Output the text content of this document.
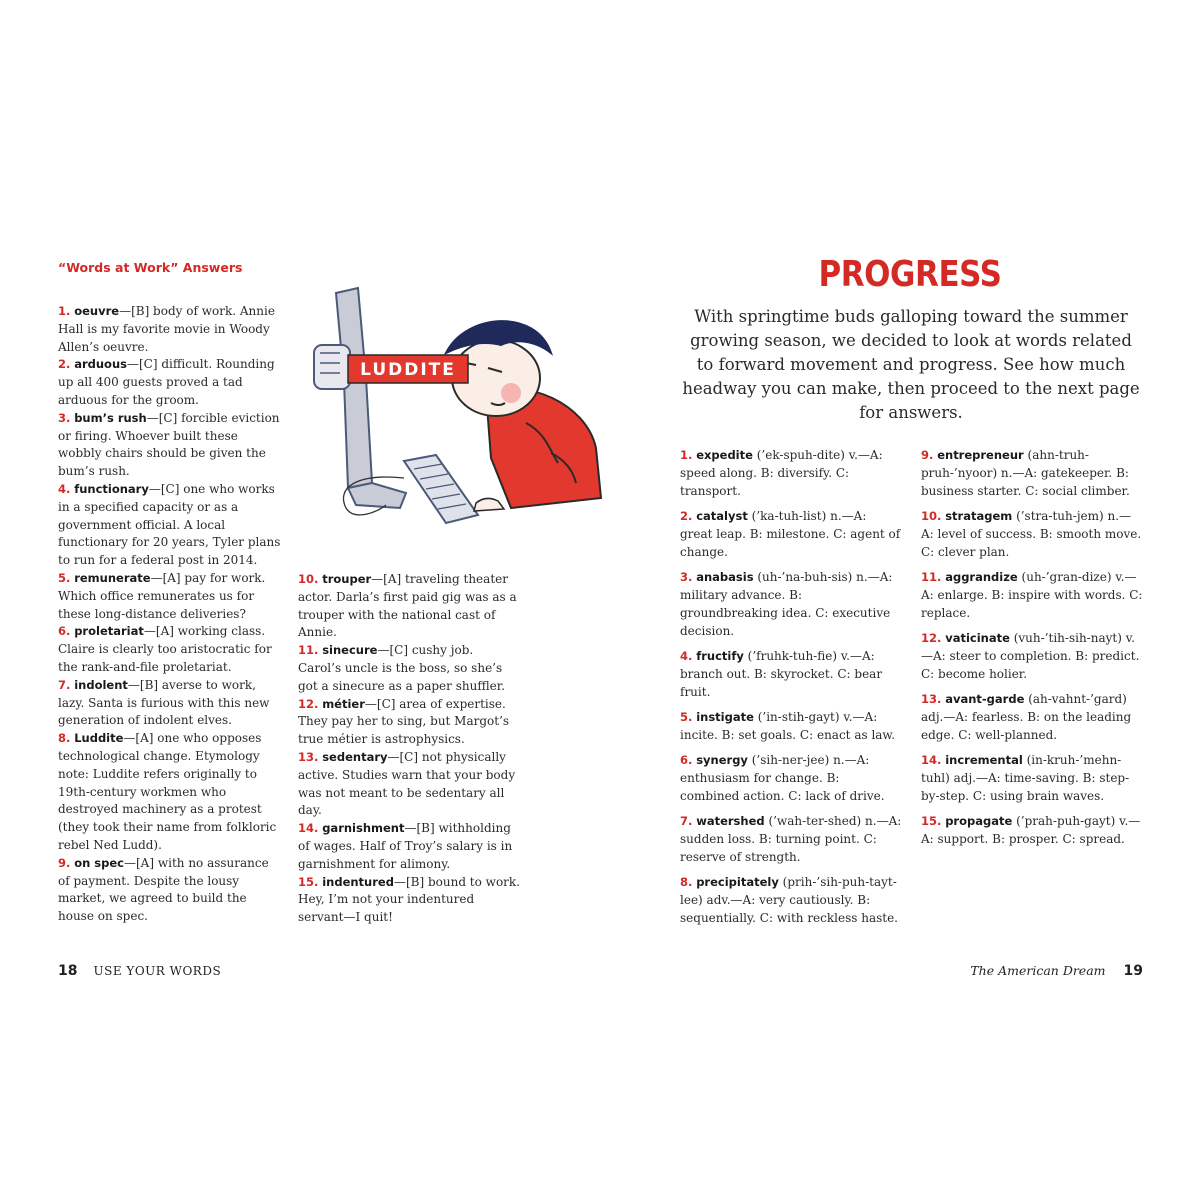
“Words at Work” Answers

1. oeuvre—[B] body of work. Annie Hall is my favorite movie in Woody Allen’s oeuvre.

2. arduous—[C] difficult. Rounding up all 400 guests proved a tad arduous for the groom.

3. bum’s rush—[C] forcible eviction or firing. Whoever built these wobbly chairs should be given the bum’s rush.

4. functionary—[C] one who works in a specified capacity or as a government official. A local functionary for 20 years, Tyler plans to run for a federal post in 2014.

5. remunerate—[A] pay for work. Which office remunerates us for these long-distance deliveries?

6. proletariat—[A] working class. Claire is clearly too aristocratic for the rank-and-file proletariat.

7. indolent—[B] averse to work, lazy. Santa is furious with this new generation of indolent elves.

8. Luddite—[A] one who opposes technological change. Etymology note: Luddite refers originally to 19th-century workmen who destroyed machinery as a protest (they took their name from folkloric rebel Ned Ludd).

9. on spec—[A] with no assurance of payment. Despite the lousy market, we agreed to build the house on spec.

10. trouper—[A] traveling theater actor. Darla’s first paid gig was as a trouper with the national cast of Annie.

11. sinecure—[C] cushy job. Carol’s uncle is the boss, so she’s got a sinecure as a paper shuffler.

12. métier—[C] area of expertise. They pay her to sing, but Margot’s true métier is astrophysics.

13. sedentary—[C] not physically active. Studies warn that your body was not meant to be sedentary all day.

14. garnishment—[B] withholding of wages. Half of Troy’s salary is in garnishment for alimony.

15. indentured—[B] bound to work. Hey, I’m not your indentured servant—I quit!

LUDDITE
18 USE YOUR WORDS
PROGRESS
With springtime buds galloping toward the summer growing season, we decided to look at words related to forward movement and progress. See how much headway you can make, then proceed to the next page for answers.

1. expedite (’ek-spuh-dite) v.—A: speed along. B: diversify. C: transport.

2. catalyst (’ka-tuh-list) n.—A: great leap. B: milestone. C: agent of change.

3. anabasis (uh-’na-buh-sis) n.—A: military advance. B: groundbreaking idea. C: executive decision.

4. fructify (’fruhk-tuh-fie) v.—A: branch out. B: skyrocket. C: bear fruit.

5. instigate (’in-stih-gayt) v.—A: incite. B: set goals. C: enact as law.

6. synergy (’sih-ner-jee) n.—A: enthusiasm for change. B: combined action. C: lack of drive.

7. watershed (’wah-ter-shed) n.—A: sudden loss. B: turning point. C: reserve of strength.

8. precipitately (prih-’sih-puh-tayt-lee) adv.—A: very cautiously. B: sequentially. C: with reckless haste.

9. entrepreneur (ahn-truh-pruh-’nyoor) n.—A: gatekeeper. B: business starter. C: social climber.

10. stratagem (’stra-tuh-jem) n.—A: level of success. B: smooth move. C: clever plan.

11. aggrandize (uh-’gran-dize) v.—A: enlarge. B: inspire with words. C: replace.

12. vaticinate (vuh-’tih-sih-nayt) v.—A: steer to completion. B: predict. C: become holier.

13. avant-garde (ah-vahnt-’gard) adj.—A: fearless. B: on the leading edge. C: well-planned.

14. incremental (in-kruh-’mehn-tuhl) adj.—A: time-saving. B: step-by-step. C: using brain waves.

15. propagate (’prah-puh-gayt) v.—A: support. B: prosper. C: spread.

The American Dream 19
